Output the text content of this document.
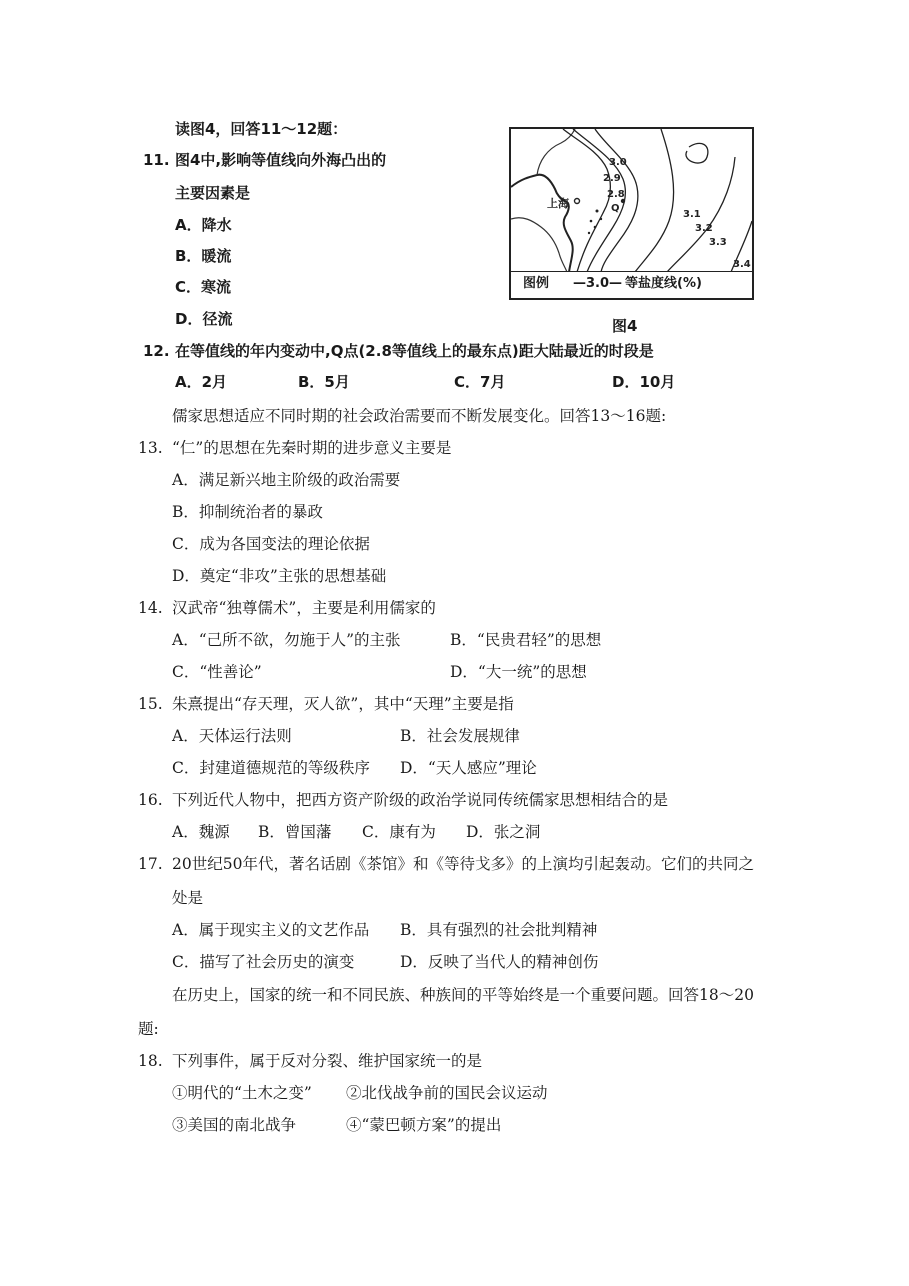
读图4，回答11～12题：
11. 图4中,影响等值线向外海凸出的
主要因素是
A．降水
B．暖流
C．寒流
D．径流
3.0
2.9
2.8
Q
3.1
3.2
3.3
3.4
上海
图例 —3.0— 等盐度线(%)
图4
12. 在等值线的年内变动中,Q点(2.8等值线上的最东点)距大陆最近的时段是
A．2月	B．5月	C．7月	D．10月
儒家思想适应不同时期的社会政治需要而不断发展变化。回答13～16题:
13. “仁”的思想在先秦时期的进步意义主要是
A．满足新兴地主阶级的政治需要
B．抑制统治者的暴政
C．成为各国变法的理论依据
D．奠定“非攻”主张的思想基础
14. 汉武帝“独尊儒术”，主要是利用儒家的
A．“己所不欲，勿施于人”的主张	B．“民贵君轻”的思想
C．“性善论”	D．“大一统”的思想
15. 朱熹提出“存天理，灭人欲”，其中“天理”主要是指
A．天体运行法则	B．社会发展规律
C．封建道德规范的等级秩序 D．“天人感应”理论
16. 下列近代人物中，把西方资产阶级的政治学说同传统儒家思想相结合的是
A．魏源 B．曾国藩 C．康有为 D．张之洞
17. 20世纪50年代，著名话剧《茶馆》和《等待戈多》的上演均引起轰动。它们的共同之
处是
A．属于现实主义的文艺作品 B．具有强烈的社会批判精神
C．描写了社会历史的演变	D．反映了当代人的精神创伤
在历史上，国家的统一和不同民族、种族间的平等始终是一个重要问题。回答18～20
题:
18. 下列事件，属于反对分裂、维护国家统一的是
①明代的“土木之变” ②北伐战争前的国民会议运动
③美国的南北战争	④“蒙巴顿方案”的提出
